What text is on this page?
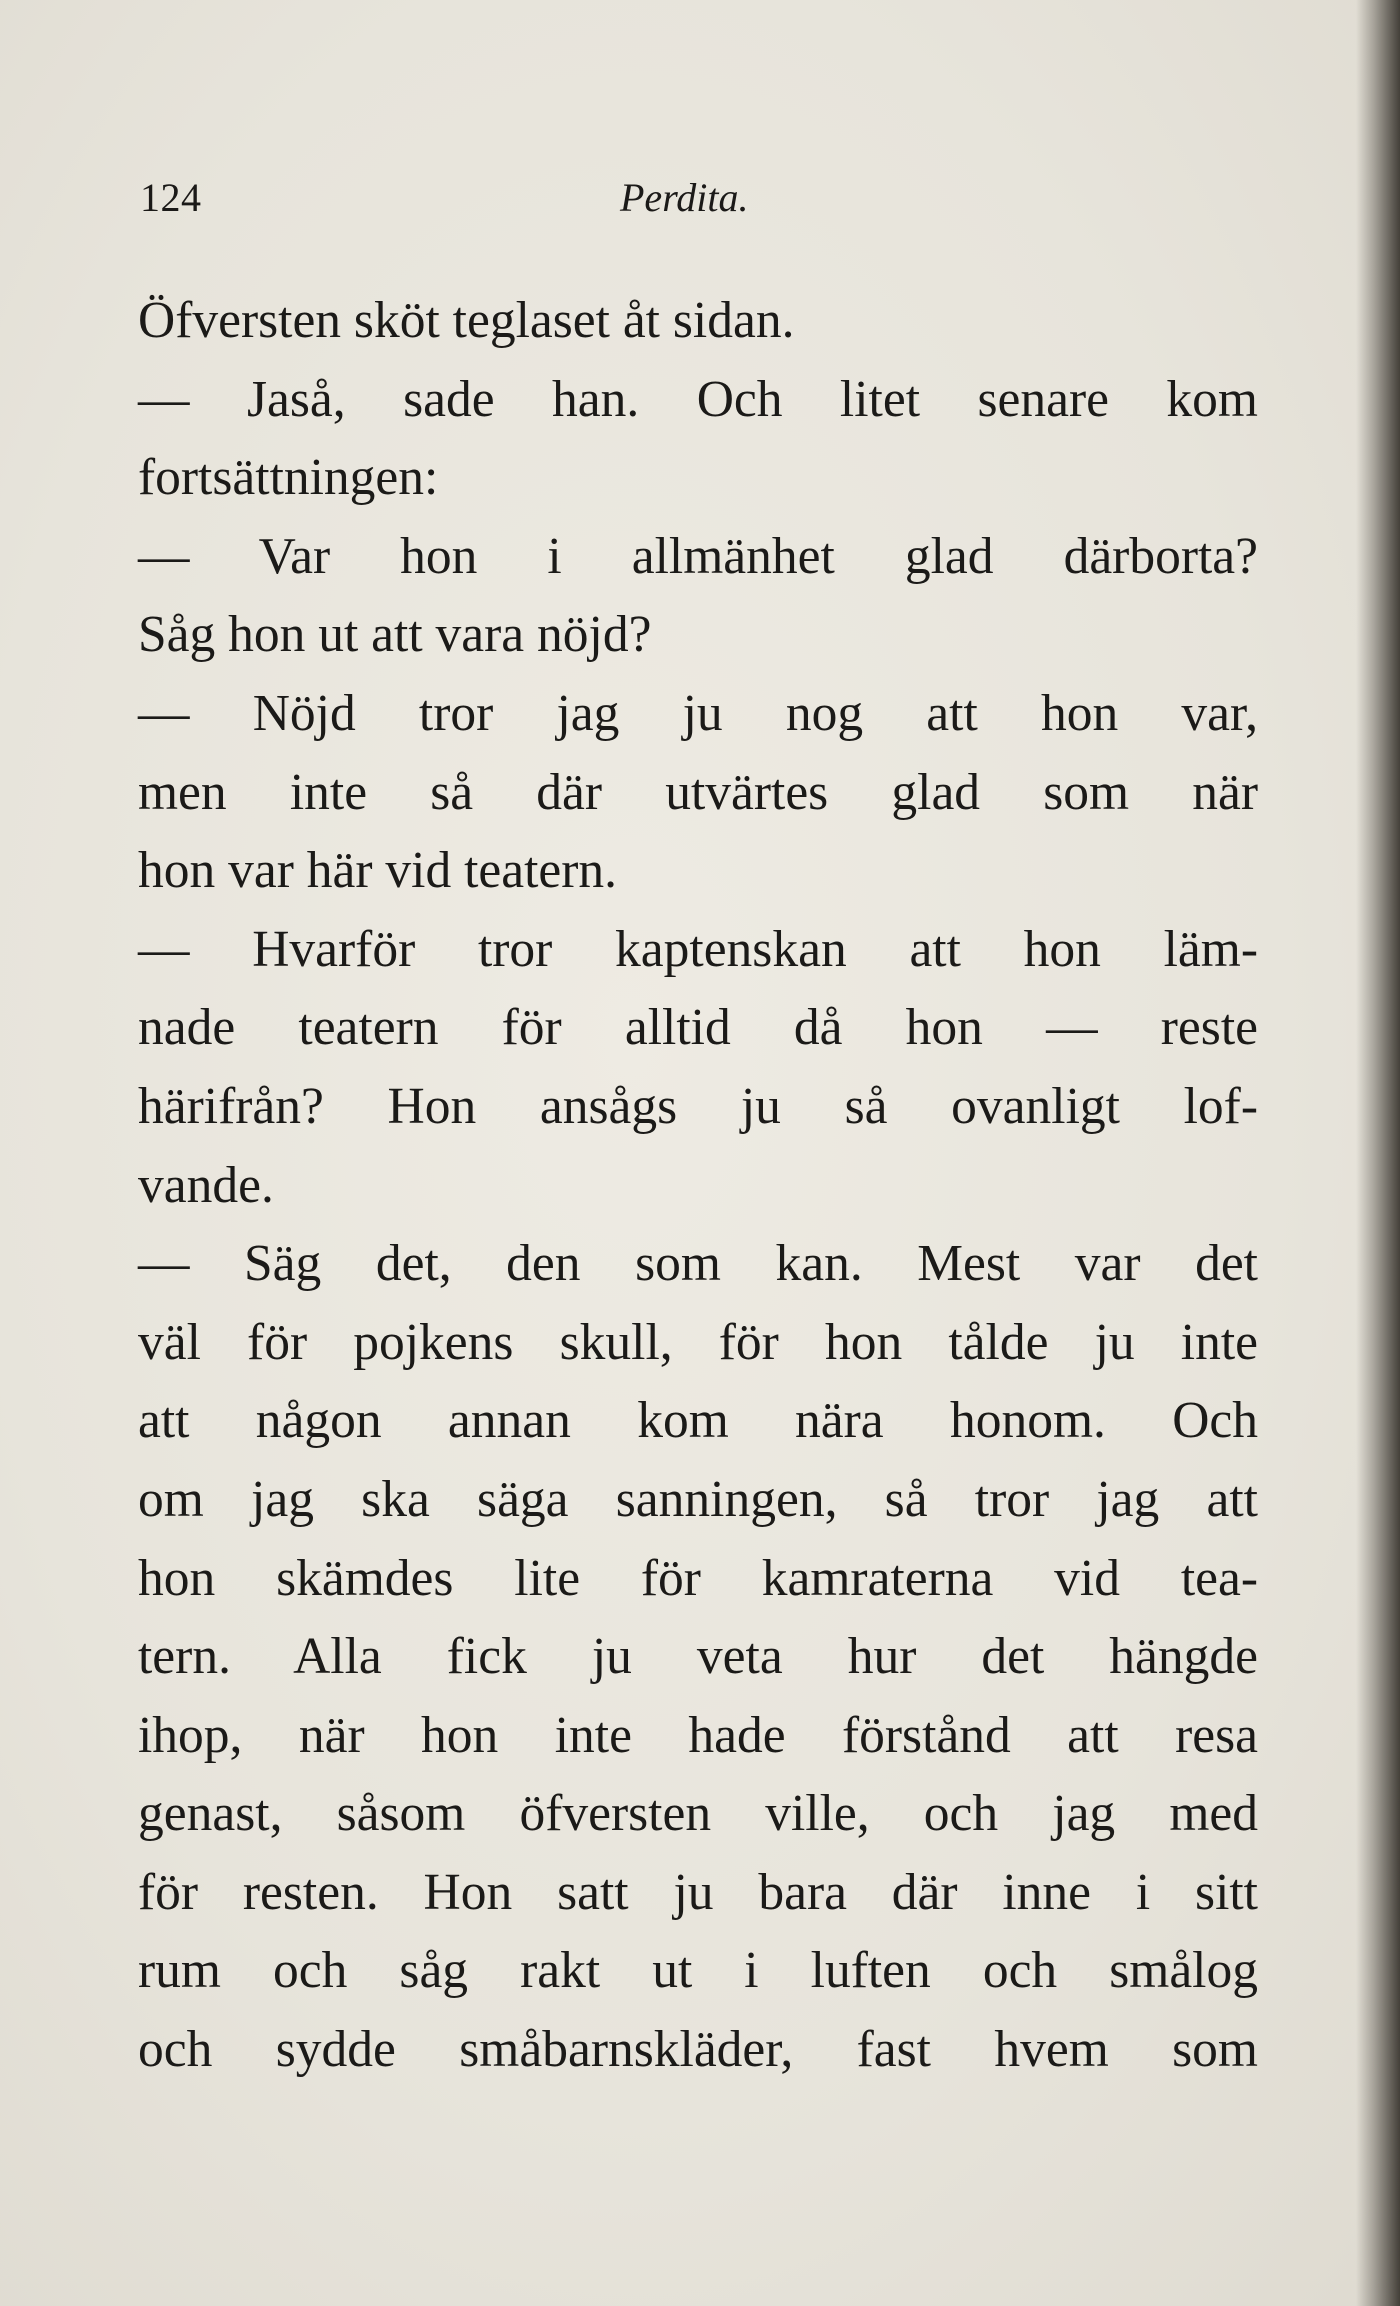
124	Perdita.
Öfversten sköt teglaset åt sidan.
— Jaså, sade han. Och litet senare kom
fortsättningen:
— Var hon i allmänhet glad därborta?
Såg hon ut att vara nöjd?
— Nöjd tror jag ju nog att hon var,
men inte så där utvärtes glad som när
hon var här vid teatern.
— Hvarför tror kaptenskan att hon läm-
nade teatern för alltid då hon — reste
härifrån? Hon ansågs ju så ovanligt lof-
vande.
— Säg det, den som kan. Mest var det
väl för pojkens skull, för hon tålde ju inte
att någon annan kom nära honom. Och
om jag ska säga sanningen, så tror jag att
hon skämdes lite för kamraterna vid tea-
tern. Alla fick ju veta hur det hängde
ihop, när hon inte hade förstånd att resa
genast, såsom öfversten ville, och jag med
för resten. Hon satt ju bara där inne i sitt
rum och såg rakt ut i luften och smålog
och sydde småbarnskläder, fast hvem som
